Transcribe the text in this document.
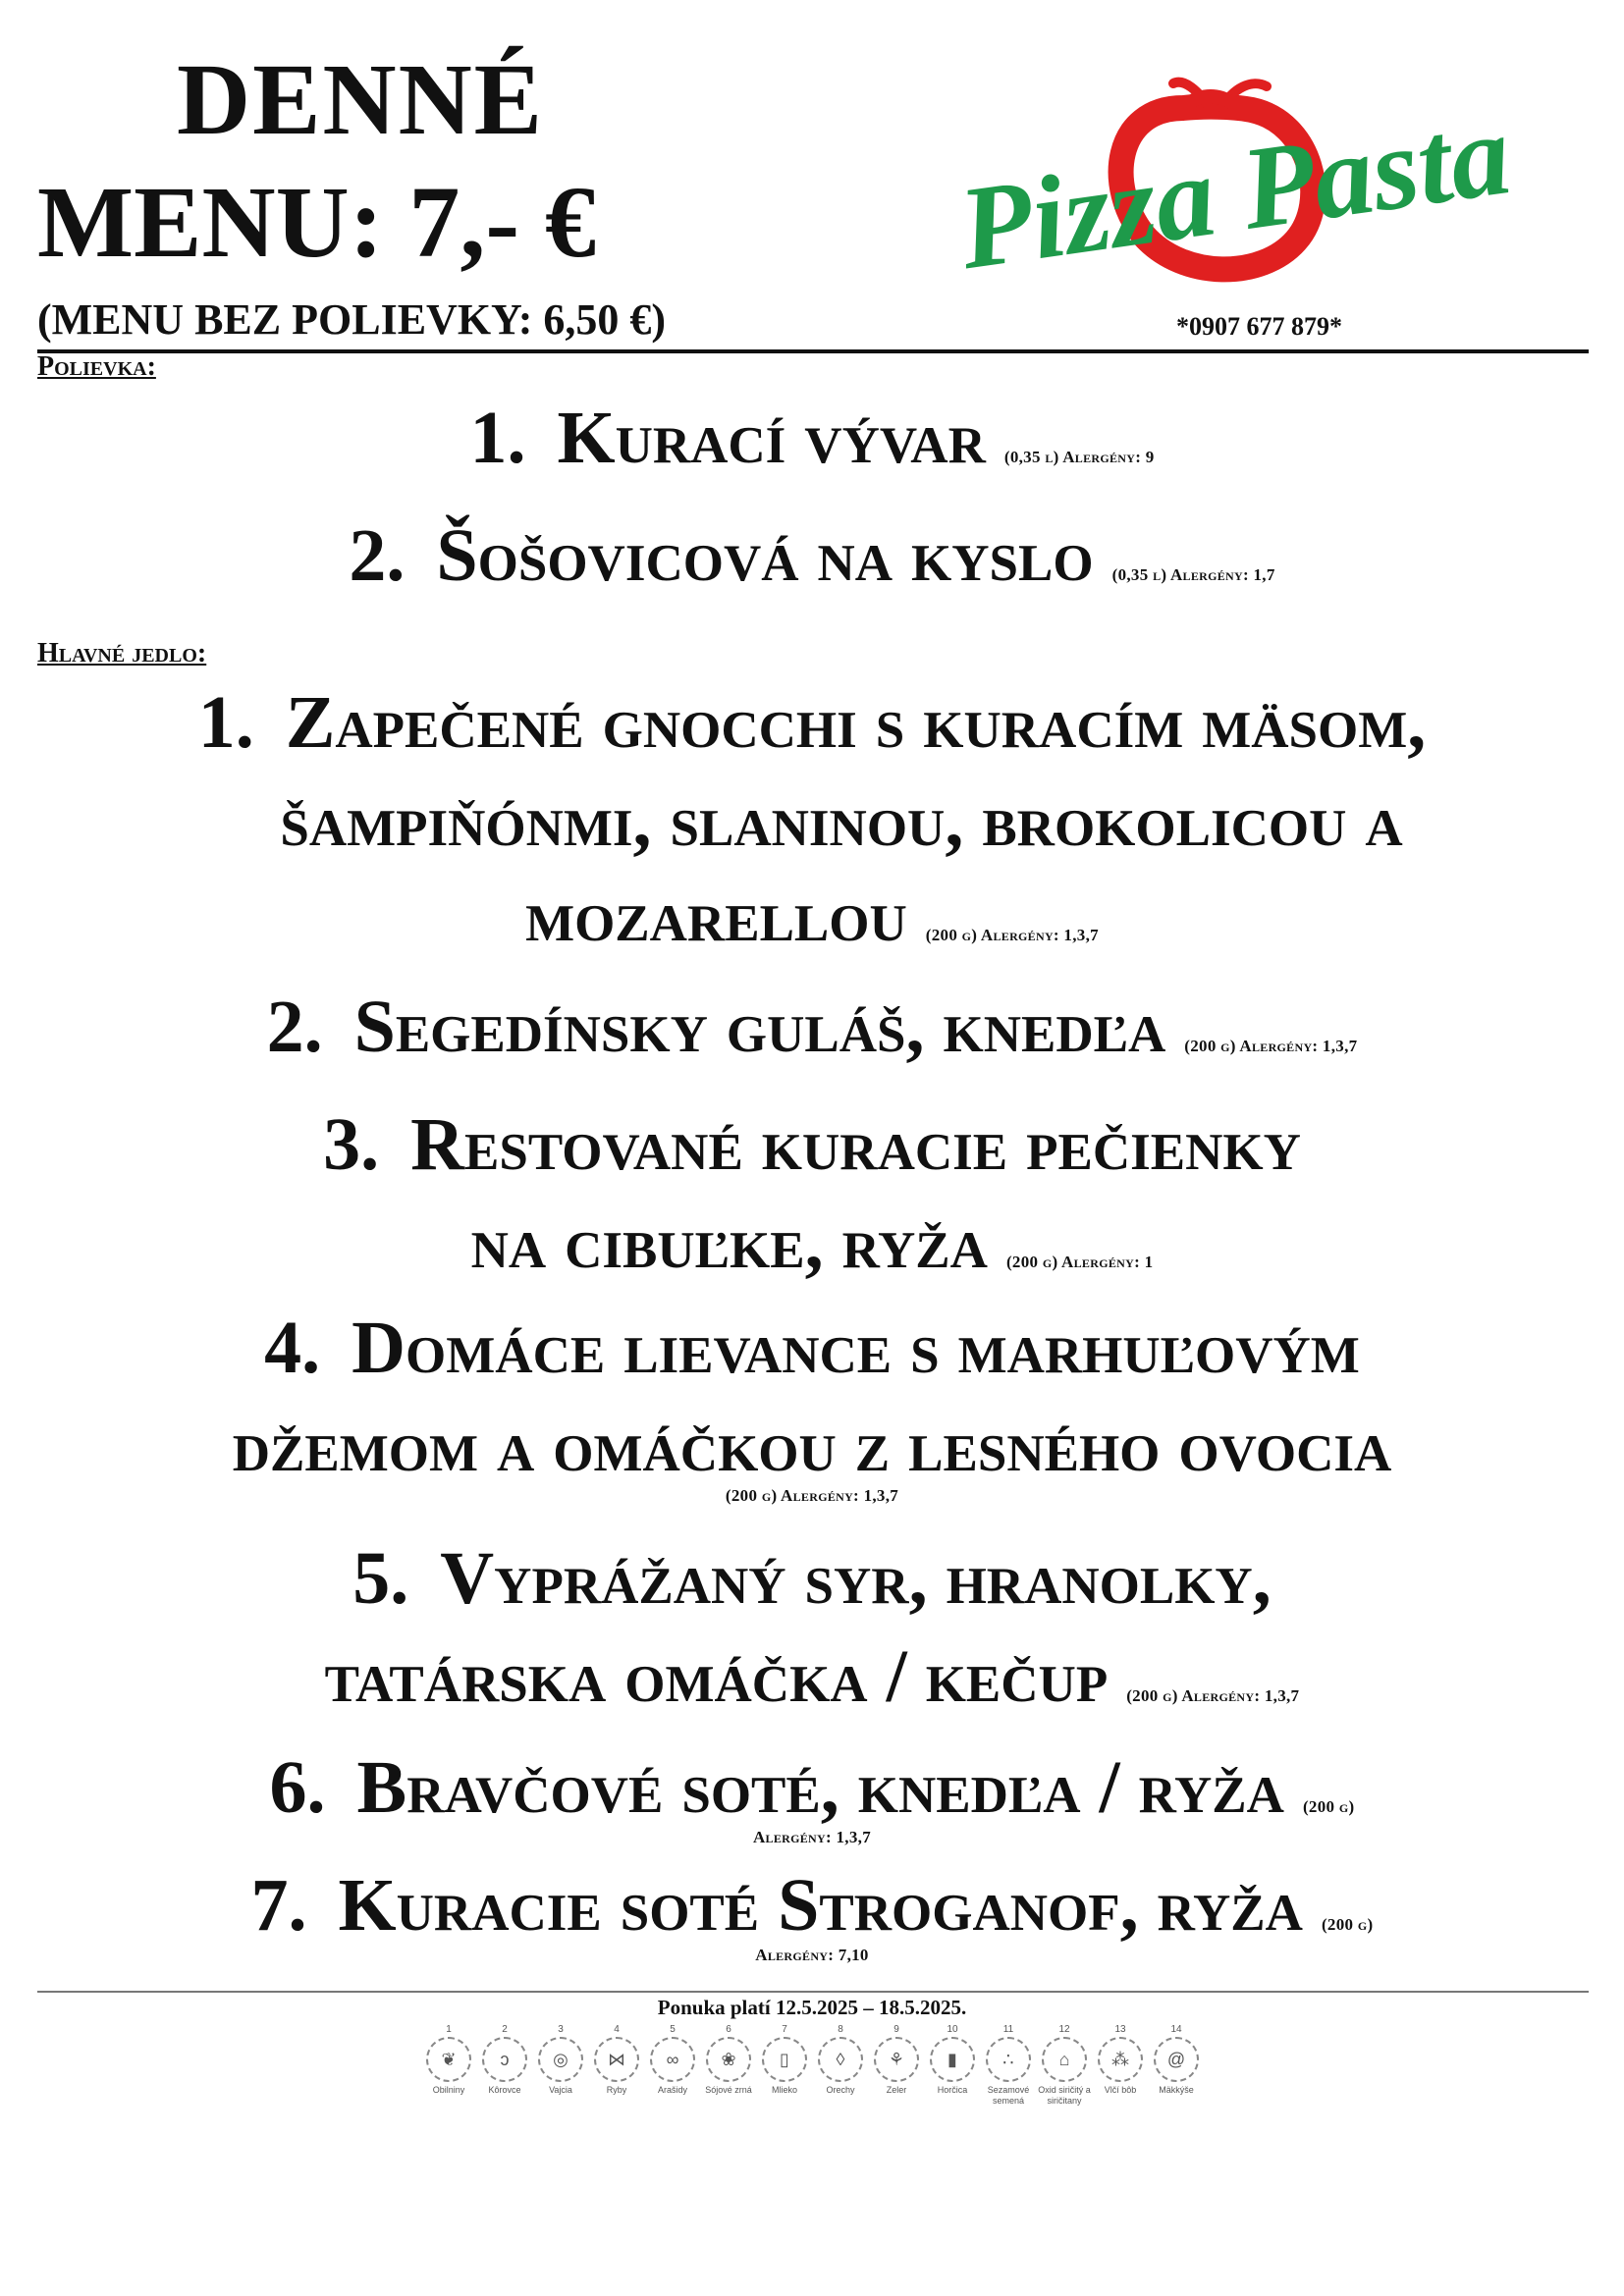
DENNÉ
MENU: 7,- €	Pizza Pasta
(MENU BEZ POLIEVKY: 6,50 €)	*0907 677 879*
Polievka:
1. Kurací vývar (0,35 l) Alergény: 9
2. Šošovicová na kyslo (0,35 l) Alergény: 1,7
Hlavné jedlo:
1. Zapečené gnocchi s kuracím mäsom,
šampiňónmi, slaninou, brokolicou a
mozarellou (200 g) Alergény: 1,3,7
2. Segedínsky guláš, knedľa (200 g) Alergény: 1,3,7
3. Restované kuracie pečienky
na cibuľke, ryža (200 g) Alergény: 1
4. Domáce lievance s marhuľovým
džemom a omáčkou z lesného ovocia
(200 g) Alergény: 1,3,7
5. Vyprážaný syr, hranolky,
tatárska omáčka / kečup (200 g) Alergény: 1,3,7
6. Bravčové soté, knedľa / ryža (200 g)
Alergény: 1,3,7
7. Kuracie soté Stroganof, ryža (200 g)
Alergény: 7,10
Ponuka platí 12.5.2025 – 18.5.2025.
1
❦
Obilniny
2
ↄ
Kôrovce
3
◎
Vajcia
4
⋈
Ryby
5
∞
Arašidy
6
❀
Sójové zrná
7
▯
Mlieko
8
◊
Orechy
9
⚘
Zeler
10
▮
Horčica
11
∴
Sezamové semená
12
⌂
Oxid siričitý a siričitany
13
⁂
Vlčí bôb
14
@
Mäkkýše
